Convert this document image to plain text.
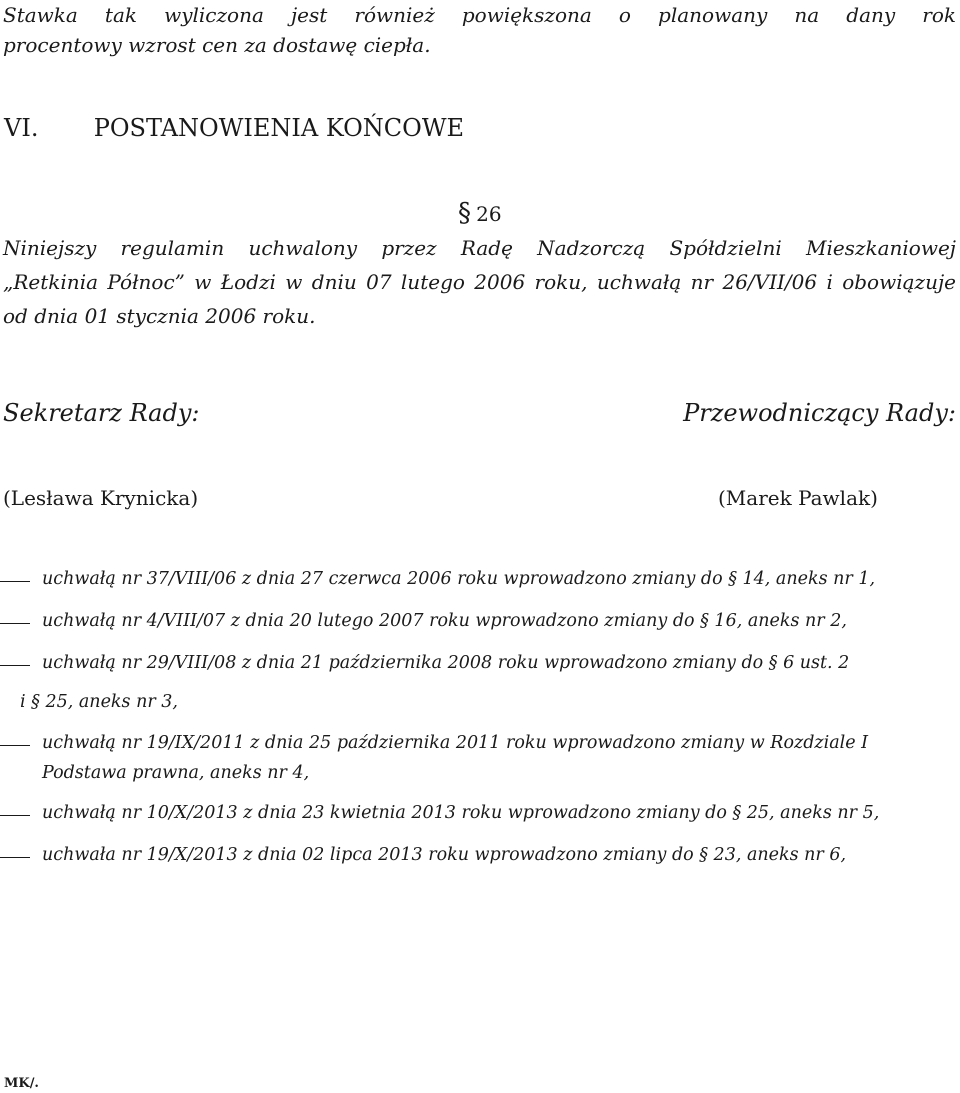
Stawka tak wyliczona jest również powiększona o planowany na dany rok
procentowy wzrost cen za dostawę ciepła.
VI. POSTANOWIENIA KOŃCOWE
§ 26
Niniejszy regulamin uchwalony przez Radę Nadzorczą Spółdzielni Mieszkaniowej
„Retkinia Północ” w Łodzi w dniu 07 lutego 2006 roku, uchwałą nr 26/VII/06 i obowiązuje
od dnia 01 stycznia 2006 roku.
Sekretarz Rady:	Przewodniczący Rady:
(Lesława Krynicka)	(Marek Pawlak)
uchwałą nr 37/VIII/06 z dnia 27 czerwca 2006 roku wprowadzono zmiany do § 14, aneks nr 1,
uchwałą nr 4/VIII/07 z dnia 20 lutego 2007 roku wprowadzono zmiany do § 16, aneks nr 2,
uchwałą nr 29/VIII/08 z dnia 21 października 2008 roku wprowadzono zmiany do § 6 ust. 2
i § 25, aneks nr 3,
uchwałą nr 19/IX/2011 z dnia 25 października 2011 roku wprowadzono zmiany w Rozdziale I
Podstawa prawna, aneks nr 4,
uchwałą nr 10/X/2013 z dnia 23 kwietnia 2013 roku wprowadzono zmiany do § 25, aneks nr 5,
uchwała nr 19/X/2013 z dnia 02 lipca 2013 roku wprowadzono zmiany do § 23, aneks nr 6,
MK/.
